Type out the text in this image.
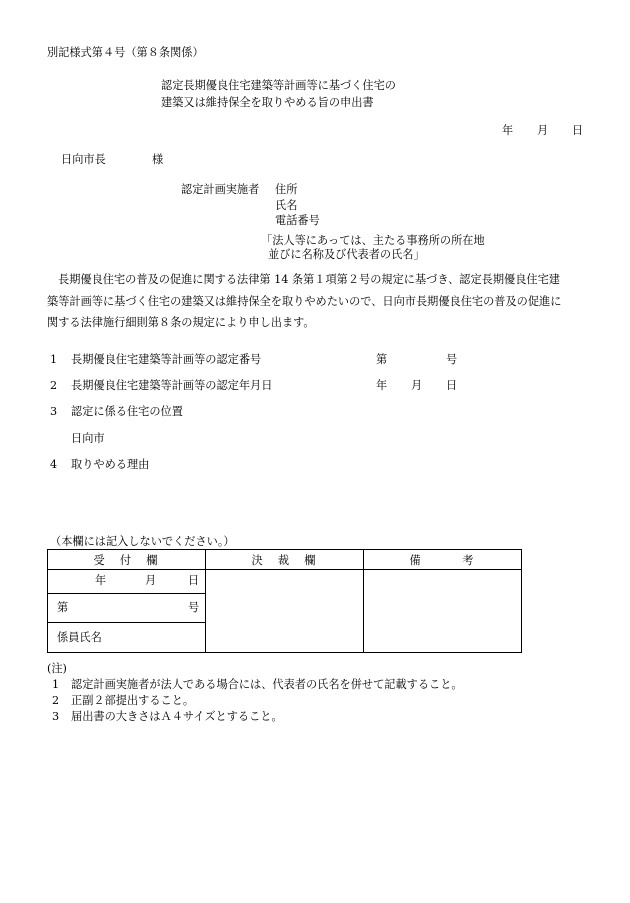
別記様式第４号（第８条関係）
認定長期優良住宅建築等計画等に基づく住宅の
建築又は維持保全を取りやめる旨の申出書
年 月 日
日向市長	様
認定計画実施者 住所
氏名
電話番号
「法人等にあっては、主たる事務所の所在地
並びに名称及び代表者の氏名」
長期優良住宅の普及の促進に関する法律第 14 条第１項第２号の規定に基づき、認定長期優良住宅建
築等計画等に基づく住宅の建築又は維持保全を取りやめたいので、日向市長期優良住宅の普及の促進に
関する法律施行細則第８条の規定により申し出ます。
1 長期優良住宅建築等計画等の認定番号	第	号
2 長期優良住宅建築等計画等の認定年月日	年 月 日
3 認定に係る住宅の位置
日向市
4 取りやめる理由
（本欄には記入しないでください。）
受　付　欄	決　裁　欄	備　　　考

年 月 日		

第 号		

係員氏名		
(注)
1 認定計画実施者が法人である場合には、代表者の氏名を併せて記載すること。
2 正副２部提出すること。
3 届出書の大きさはＡ４サイズとすること。
